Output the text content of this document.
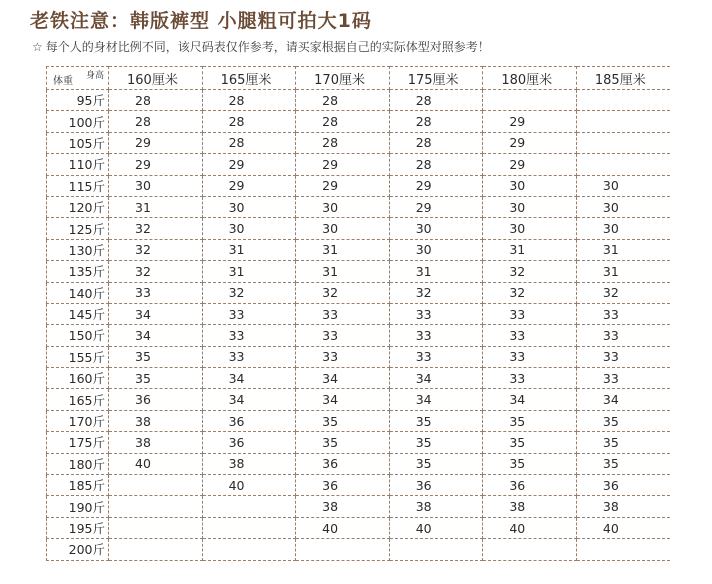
老铁注意：韩版裤型 小腿粗可拍大1码
☆ 每个人的身材比例不同，该尺码表仅作参考，请买家根据自己的实际体型对照参考！
体重 身高	160厘米	165厘米	170厘米	175厘米	180厘米	185厘米
95斤	28	28	28	28		
100斤	28	28	28	28	29	
105斤	29	28	28	28	29	
110斤	29	29	29	28	29	
115斤	30	29	29	29	30	30
120斤	31	30	30	29	30	30
125斤	32	30	30	30	30	30
130斤	32	31	31	30	31	31
135斤	32	31	31	31	32	31
140斤	33	32	32	32	32	32
145斤	34	33	33	33	33	33
150斤	34	33	33	33	33	33
155斤	35	33	33	33	33	33
160斤	35	34	34	34	33	33
165斤	36	34	34	34	34	34
170斤	38	36	35	35	35	35
175斤	38	36	35	35	35	35
180斤	40	38	36	35	35	35
185斤		40	36	36	36	36
190斤			38	38	38	38
195斤			40	40	40	40
200斤						
